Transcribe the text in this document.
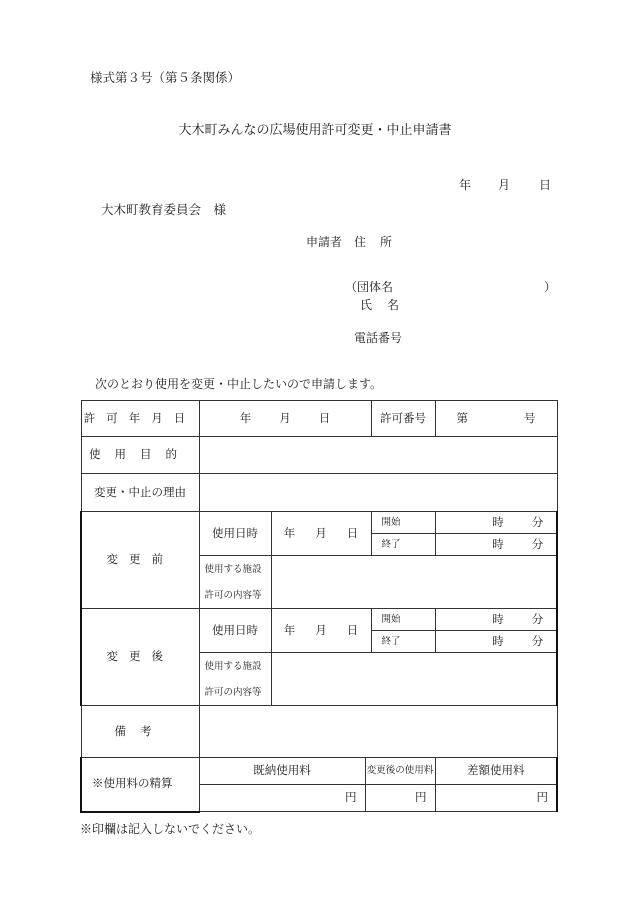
様式第３号（第５条関係）
大木町みんなの広場使用許可変更・中止申請書
年 月 日
大木町教育委員会　様
申請者 住所
（団体名	）
氏名
電話番号
次のとおり使用を変更・中止したいので申請します。
許可年月日	年 月 日			許可番号	第 号
使用目的					
変更・中止の理由					
変更前	使用日時	年 月 日		開始	時 分
				終了	時 分
	使用する施設				
	許可の内容等				
変更後	使用日時	年 月 日		開始	時 分
				終了	時 分
	使用する施設				
	許可の内容等				
備考					
※使用料の精算	既納使用料		変更後の使用料		差額使用料
	円		円		円
※印欄は記入しないでください。
